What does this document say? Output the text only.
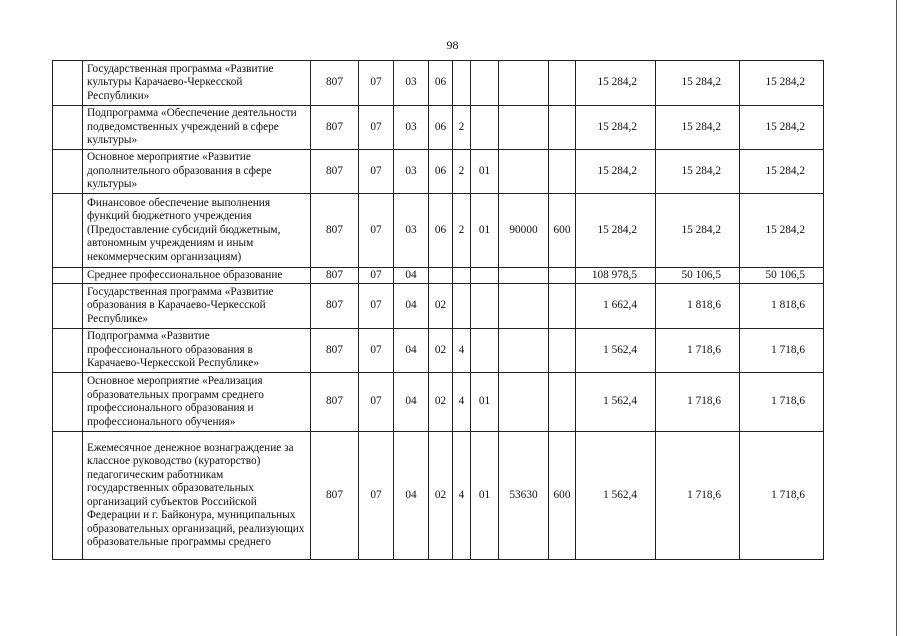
98
	Государственная программа «Развитие культуры Карачаево-Черкесской Республики»	807	07	03	06					15 284,2	15 284,2	15 284,2
	Подпрограмма «Обеспечение деятельности подведомственных учреждений в сфере культуры»	807	07	03	06	2				15 284,2	15 284,2	15 284,2
	Основное мероприятие «Развитие дополнительного образования в сфере культуры»	807	07	03	06	2	01			15 284,2	15 284,2	15 284,2
	Финансовое обеспечение выполнения функций бюджетного учреждения (Предоставление субсидий бюджетным, автономным учреждениям и иным некоммерческим организациям)	807	07	03	06	2	01	90000	600	15 284,2	15 284,2	15 284,2
	Среднее профессиональное образование	807	07	04						108 978,5	50 106,5	50 106,5
	Государственная программа «Развитие образования в Карачаево-Черкесской Республике»	807	07	04	02					1 662,4	1 818,6	1 818,6
	Подпрограмма «Развитие профессионального образования в Карачаево-Черкесской Республике»	807	07	04	02	4				1 562,4	1 718,6	1 718,6
	Основное мероприятие «Реализация образовательных программ среднего профессионального образования и профессионального обучения»	807	07	04	02	4	01			1 562,4	1 718,6	1 718,6

	Ежемесячное денежное вознаграждение за классное руководство (кураторство) педагогическим работникам государственных образовательных организаций субъектов Российской Федерации и г. Байконура, муниципальных образовательных организаций, реализующих образовательные программы среднего	807	07	04	02	4	01	53630	600	1 562,4	1 718,6	1 718,6
